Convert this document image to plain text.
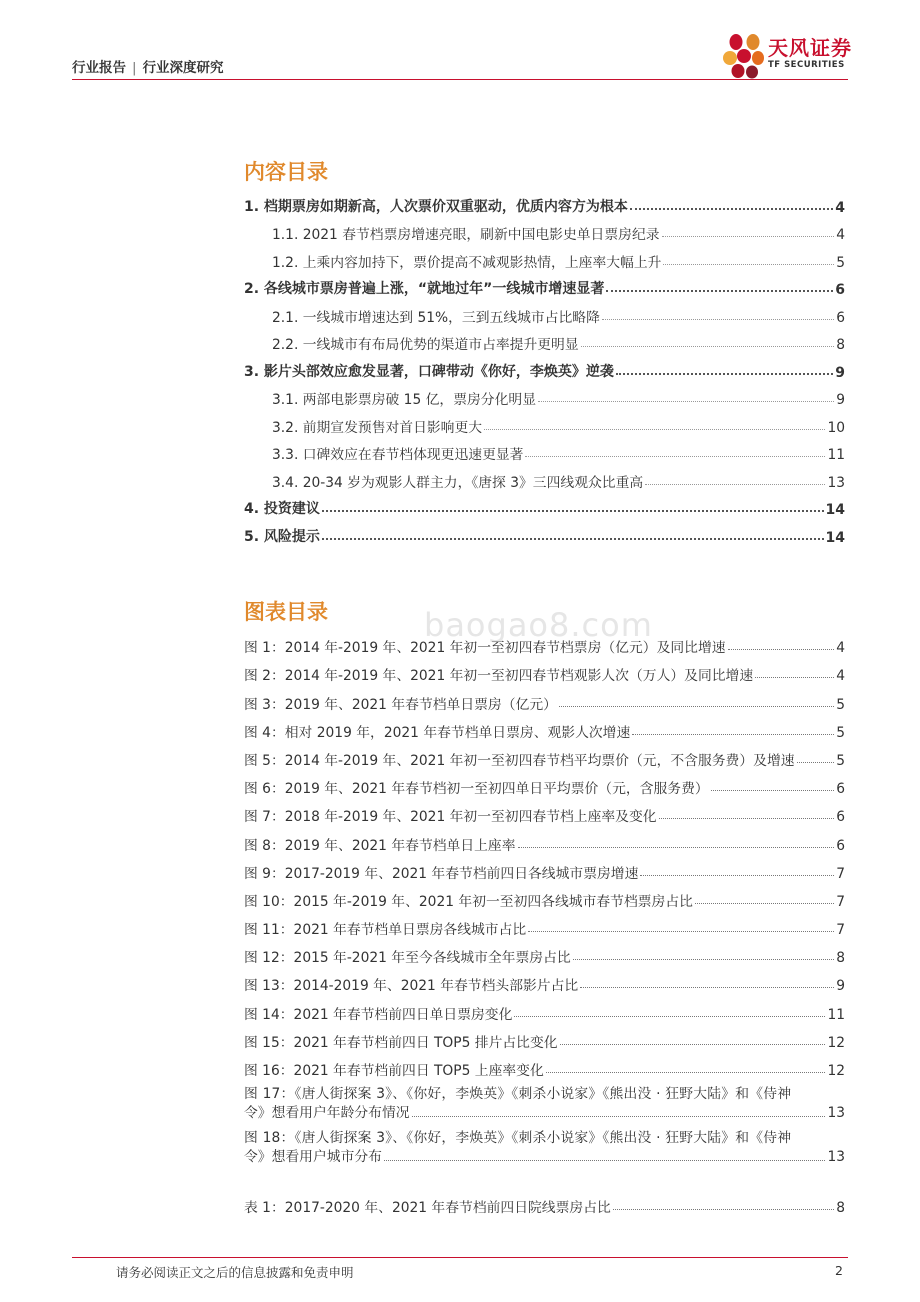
行业报告 | 行业深度研究
天风证券
TF SECURITIES
内容目录
1. 档期票房如期新高，人次票价双重驱动，优质内容方为根本	4
1.1. 2021 春节档票房增速亮眼，刷新中国电影史单日票房纪录	4
1.2. 上乘内容加持下，票价提高不减观影热情，上座率大幅上升	5
2. 各线城市票房普遍上涨，“就地过年”一线城市增速显著	6
2.1. 一线城市增速达到 51%，三到五线城市占比略降	6
2.2. 一线城市有布局优势的渠道市占率提升更明显	8
3. 影片头部效应愈发显著，口碑带动《你好，李焕英》逆袭	9
3.1. 两部电影票房破 15 亿，票房分化明显	9
3.2. 前期宣发预售对首日影响更大	10
3.3. 口碑效应在春节档体现更迅速更显著	11
3.4. 20-34 岁为观影人群主力，《唐探 3》三四线观众比重高	13
4. 投资建议	14
5. 风险提示	14
baogao8.com
图表目录
图 1：2014 年-2019 年、2021 年初一至初四春节档票房（亿元）及同比增速	4
图 2：2014 年-2019 年、2021 年初一至初四春节档观影人次（万人）及同比增速	4
图 3：2019 年、2021 年春节档单日票房（亿元）	5
图 4：相对 2019 年，2021 年春节档单日票房、观影人次增速	5
图 5：2014 年-2019 年、2021 年初一至初四春节档平均票价（元，不含服务费）及增速	5
图 6：2019 年、2021 年春节档初一至初四单日平均票价（元，含服务费）	6
图 7：2018 年-2019 年、2021 年初一至初四春节档上座率及变化	6
图 8：2019 年、2021 年春节档单日上座率	6
图 9：2017-2019 年、2021 年春节档前四日各线城市票房增速	7
图 10：2015 年-2019 年、2021 年初一至初四各线城市春节档票房占比	7
图 11：2021 年春节档单日票房各线城市占比	7
图 12：2015 年-2021 年至今各线城市全年票房占比	8
图 13：2014-2019 年、2021 年春节档头部影片占比	9
图 14：2021 年春节档前四日单日票房变化	11
图 15：2021 年春节档前四日 TOP5 排片占比变化	12
图 16：2021 年春节档前四日 TOP5 上座率变化	12
图 17：《唐人街探案 3》、《你好，李焕英》《刺杀小说家》《熊出没 · 狂野大陆》和《侍神
令》想看用户年龄分布情况	13
图 18：《唐人街探案 3》、《你好，李焕英》《刺杀小说家》《熊出没 · 狂野大陆》和《侍神
令》想看用户城市分布	13
表 1：2017-2020 年、2021 年春节档前四日院线票房占比	8
请务必阅读正文之后的信息披露和免责申明	2
